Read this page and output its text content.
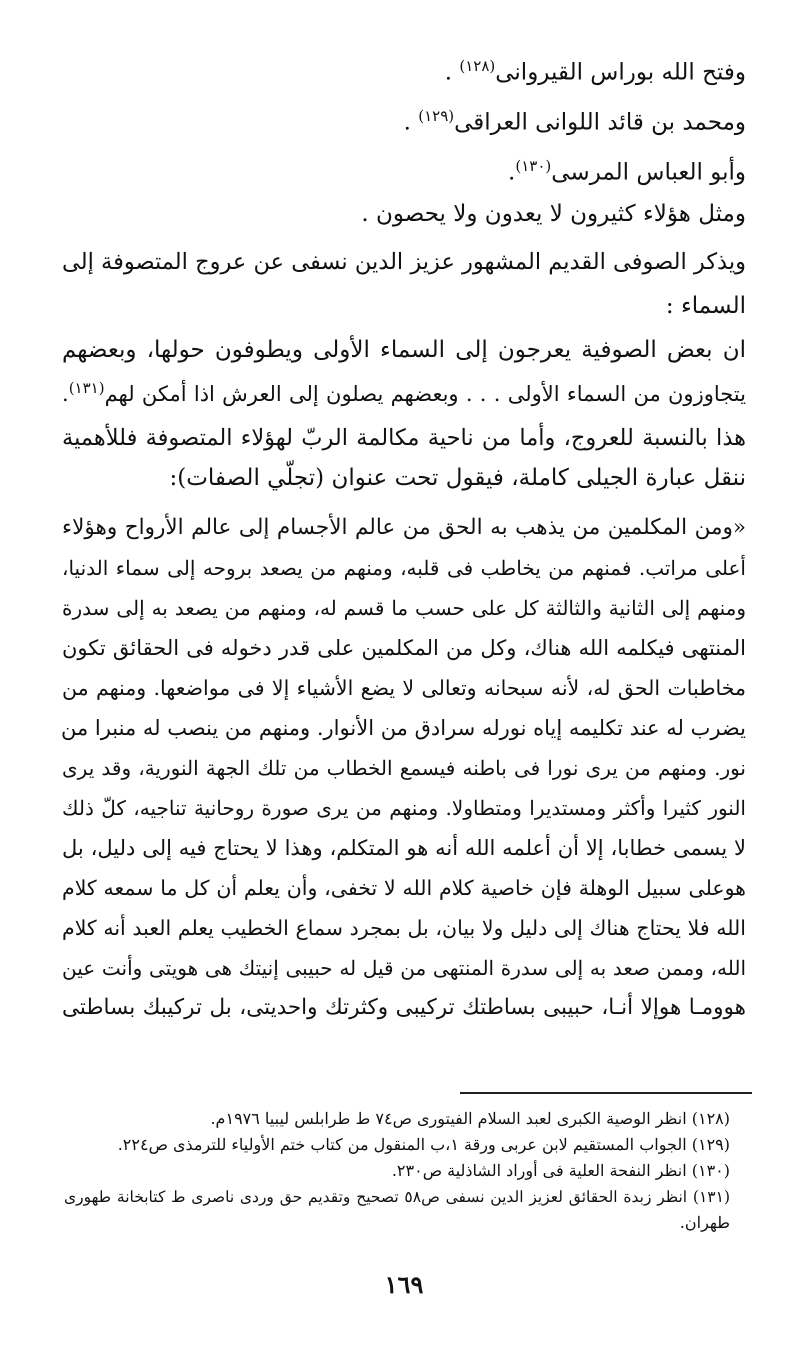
وفتح الله بوراس القيروانى$^{(١٢٨)}$ .
ومحمد بن قائد اللوانى العراقى$^{(١٢٩)}$ .
وأبو العباس المرسى$^{(١٣٠)}$.
ومثل هؤلاء كثيرون لا يعدون ولا يحصون .
ويذكر الصوفى القديم المشهور عزيز الدين نسفى عن عروج المتصوفة إلى
السماء :
ان بعض الصوفية يعرجون إلى السماء الأولى ويطوفون حولها، وبعضهم
يتجاوزون من السماء الأولى . . . وبعضهم يصلون إلى العرش اذا أمكن لهم$^{(١٣١)}$.
هذا بالنسبة للعروج، وأما من ناحية مكالمة الربّ لهؤلاء المتصوفة فللأهمية
ننقل عبارة الجيلى كاملة، فيقول تحت عنوان (تجلّي الصفات):
«ومن المكلمين من يذهب به الحق من عالم الأجسام إلى عالم الأرواح وهؤلاء
أعلى مراتب. فمنهم من يخاطب فى قلبه، ومنهم من يصعد بروحه إلى سماء الدنيا،
ومنهم إلى الثانية والثالثة كل على حسب ما قسم له، ومنهم من يصعد به إلى سدرة
المنتهى فيكلمه الله هناك، وكل من المكلمين على قدر دخوله فى الحقائق تكون
مخاطبات الحق له، لأنه سبحانه وتعالى لا يضع الأشياء إلا فى مواضعها. ومنهم من
يضرب له عند تكليمه إياه نورله سرادق من الأنوار. ومنهم من ينصب له منبرا من
نور. ومنهم من يرى نورا فى باطنه فيسمع الخطاب من تلك الجهة النورية، وقد يرى
النور كثيرا وأكثر ومستديرا ومتطاولا. ومنهم من يرى صورة روحانية تناجيه، كلّ ذلك
لا يسمى خطابا، إلا أن أعلمه الله أنه هو المتكلم، وهذا لا يحتاج فيه إلى دليل، بل
هوعلى سبيل الوهلة فإن خاصية كلام الله لا تخفى، وأن يعلم أن كل ما سمعه كلام
الله فلا يحتاج هناك إلى دليل ولا بيان، بل بمجرد سماع الخطيب يعلم العبد أنه كلام
الله، وممن صعد به إلى سدرة المنتهى من قيل له حبيبى إنيتك هى هويتى وأنت عين
هوومـا هوإلا أنـا، حبيبى بساطتك تركيبى وكثرتك واحديتى، بل تركيبك بساطتى
(١٢٨) انظر الوصية الكبرى لعبد السلام الفيتورى ص٧٤ ط طرابلس ليبيا ١٩٧٦م.
(١٢٩) الجواب المستقيم لابن عربى ورقة ١،ب المنقول من كتاب ختم الأولياء للترمذى ص٢٢٤.
(١٣٠) انظر النفحة العلية فى أوراد الشاذلية ص٢٣٠.
(١٣١) انظر زبدة الحقائق لعزيز الدين نسفى ص٥٨ تصحيح وتقديم حق وردى ناصرى ط كتابخانة طهورى
طهران.
١٦٩
